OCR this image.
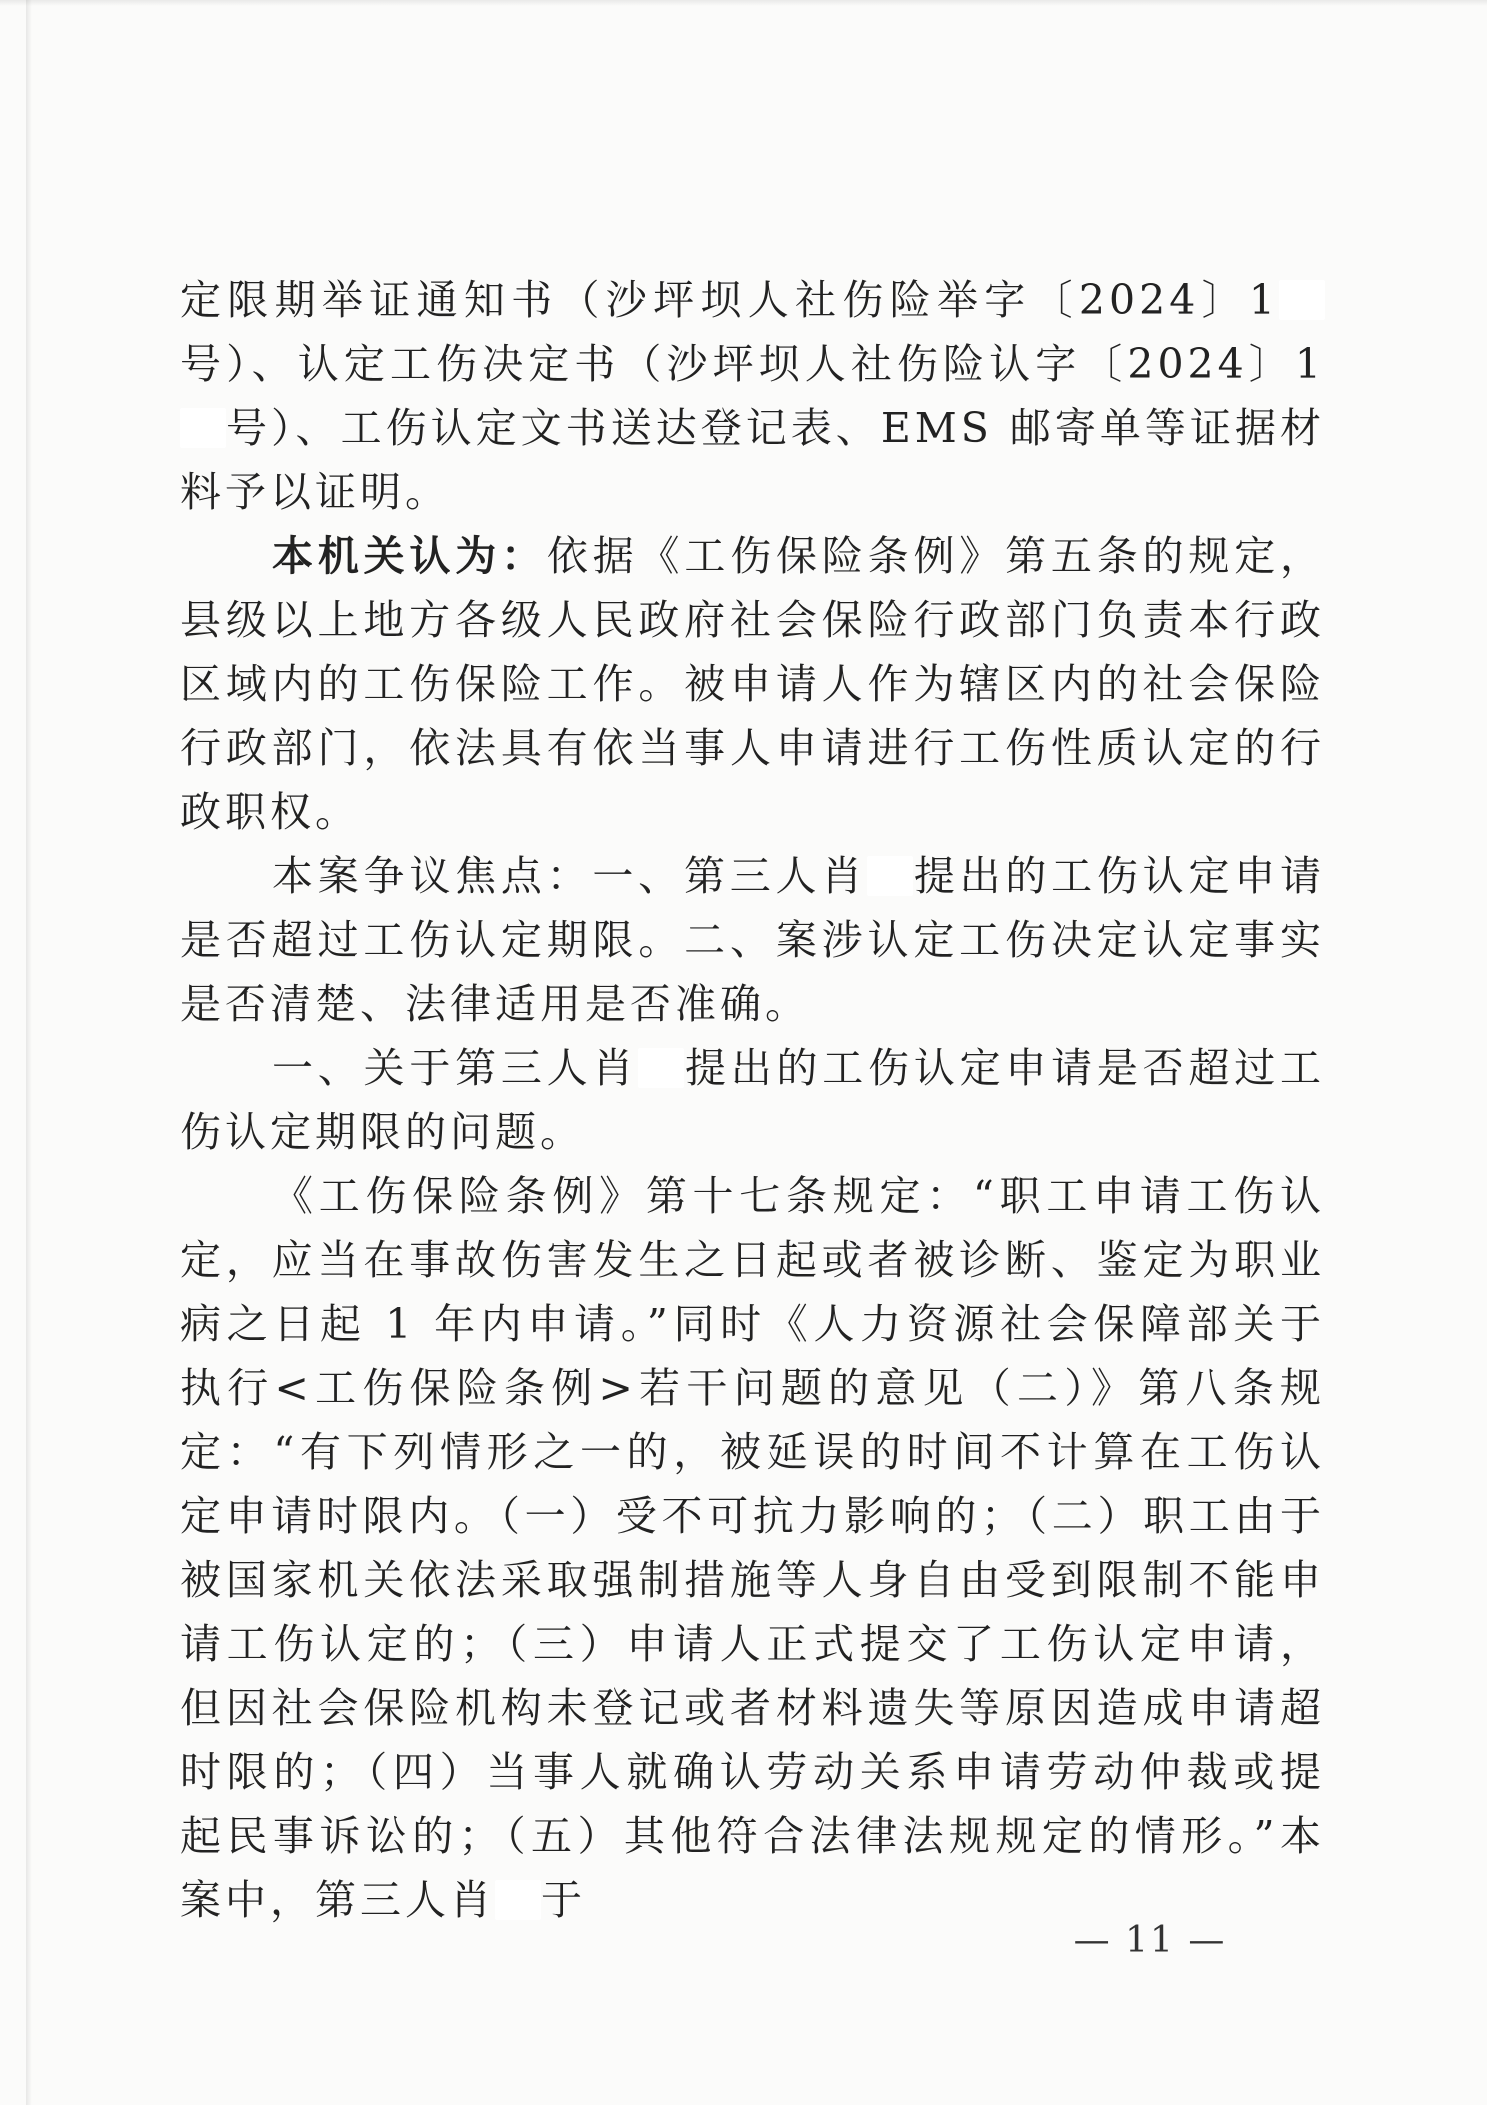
定限期举证通知书（沙坪坝人社伤险举字〔2024〕1号）、认定工伤决定书（沙坪坝人社伤险认字〔2024〕1号）、工伤认定文书送达登记表、EMS 邮寄单等证据材料予以证明。

本机关认为：依据《工伤保险条例》第五条的规定，县级以上地方各级人民政府社会保险行政部门负责本行政区域内的工伤保险工作。被申请人作为辖区内的社会保险行政部门，依法具有依当事人申请进行工伤性质认定的行政职权。

本案争议焦点：一、第三人肖 提出的工伤认定申请是否超过工伤认定期限。二、案涉认定工伤决定认定事实是否清楚、法律适用是否准确。

一、关于第三人肖 提出的工伤认定申请是否超过工伤认定期限的问题。

《工伤保险条例》第十七条规定：“职工申请工伤认定，应当在事故伤害发生之日起或者被诊断、鉴定为职业病之日起 1 年内申请。”同时《人力资源社会保障部关于执行<工伤保险条例>若干问题的意见（二）》第八条规定：“有下列情形之一的，被延误的时间不计算在工伤认定申请时限内。（一）受不可抗力影响的；（二）职工由于被国家机关依法采取强制措施等人身自由受到限制不能申请工伤认定的；（三）申请人正式提交了工伤认定申请，但因社会保险机构未登记或者材料遗失等原因造成申请超时限的；（四）当事人就确认劳动关系申请劳动仲裁或提起民事诉讼的；（五）其他符合法律法规规定的情形。”本案中，第三人肖 于

— 11 —
